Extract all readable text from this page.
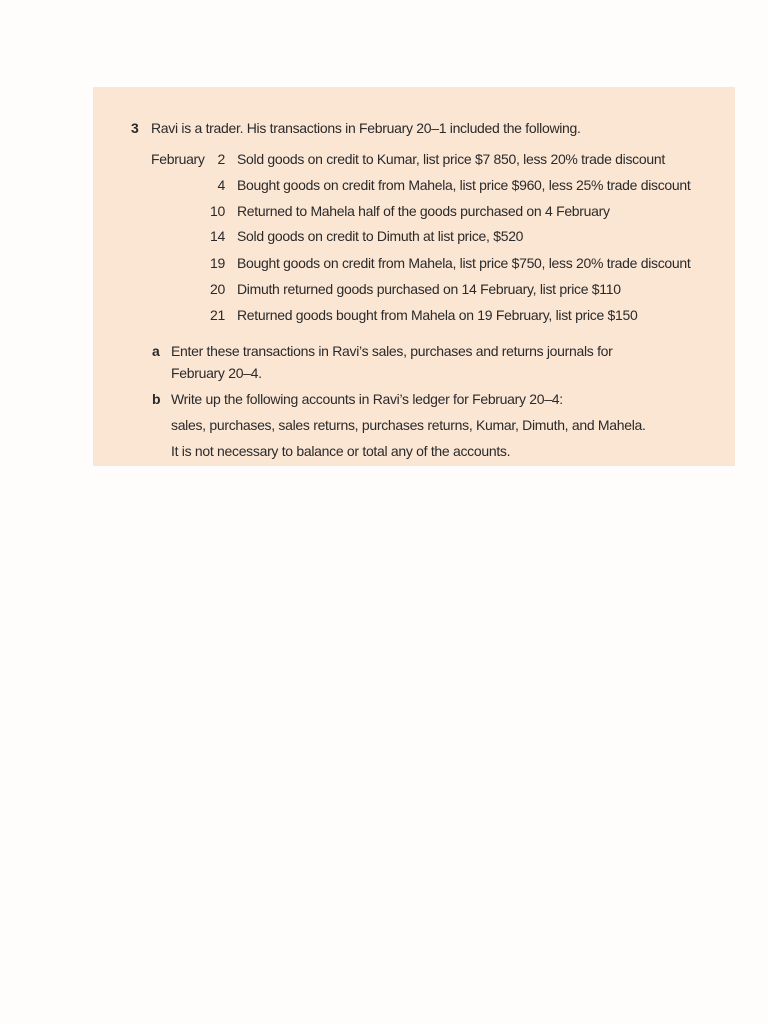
3 Ravi is a trader. His transactions in February 20–1 included the following.
February 2 Sold goods on credit to Kumar, list price $7 850, less 20% trade discount
4 Bought goods on credit from Mahela, list price $960, less 25% trade discount
10 Returned to Mahela half of the goods purchased on 4 February
14 Sold goods on credit to Dimuth at list price, $520
19 Bought goods on credit from Mahela, list price $750, less 20% trade discount
20 Dimuth returned goods purchased on 14 February, list price $110
21 Returned goods bought from Mahela on 19 February, list price $150
a Enter these transactions in Ravi’s sales, purchases and returns journals for
February 20–4.
b Write up the following accounts in Ravi’s ledger for February 20–4:
sales, purchases, sales returns, purchases returns, Kumar, Dimuth, and Mahela.
It is not necessary to balance or total any of the accounts.
